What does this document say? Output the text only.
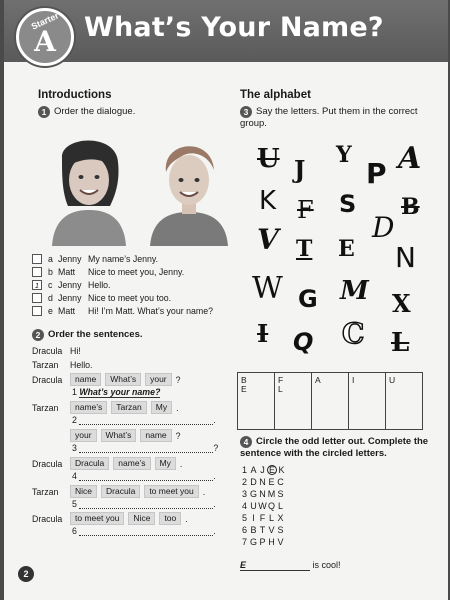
Starter
A	What’s Your Name?
Introductions
1 Order the dialogue.
a Jenny My name’s Jenny.
b Matt	Nice to meet you, Jenny.
1	c Jenny Hello.
d Jenny Nice to meet you too.
e Matt	Hi! I’m Matt. What’s your name?
2 Order the sentences.
Dracula Hi!
Tarzan	Hello.
Dracula	name	What’s	your	?
1 What’s your name?
Tarzan	name’s	Tarzan	My	.
2	.
your	What’s	name	?
3	?
Dracula	Dracula	name’s	My	.
4	.
Tarzan	Nice	Dracula	to meet you	.
5	.
Dracula	to meet you	Nice	too	.
6	.
The alphabet
3 Say the letters. Put them in the correct group.
U J Y
P A
K F S
D
B
V T E N
W G M X
I Q C L
B	F	A	I	U
E	L
4 Circle the odd letter out. Complete the sentence with the circled letters.
1 A J E K
2 D N E C
3 G N M S
4 U WQ L
5 I F L X
6 B T V S
7 G P H V
E	is cool!
2
